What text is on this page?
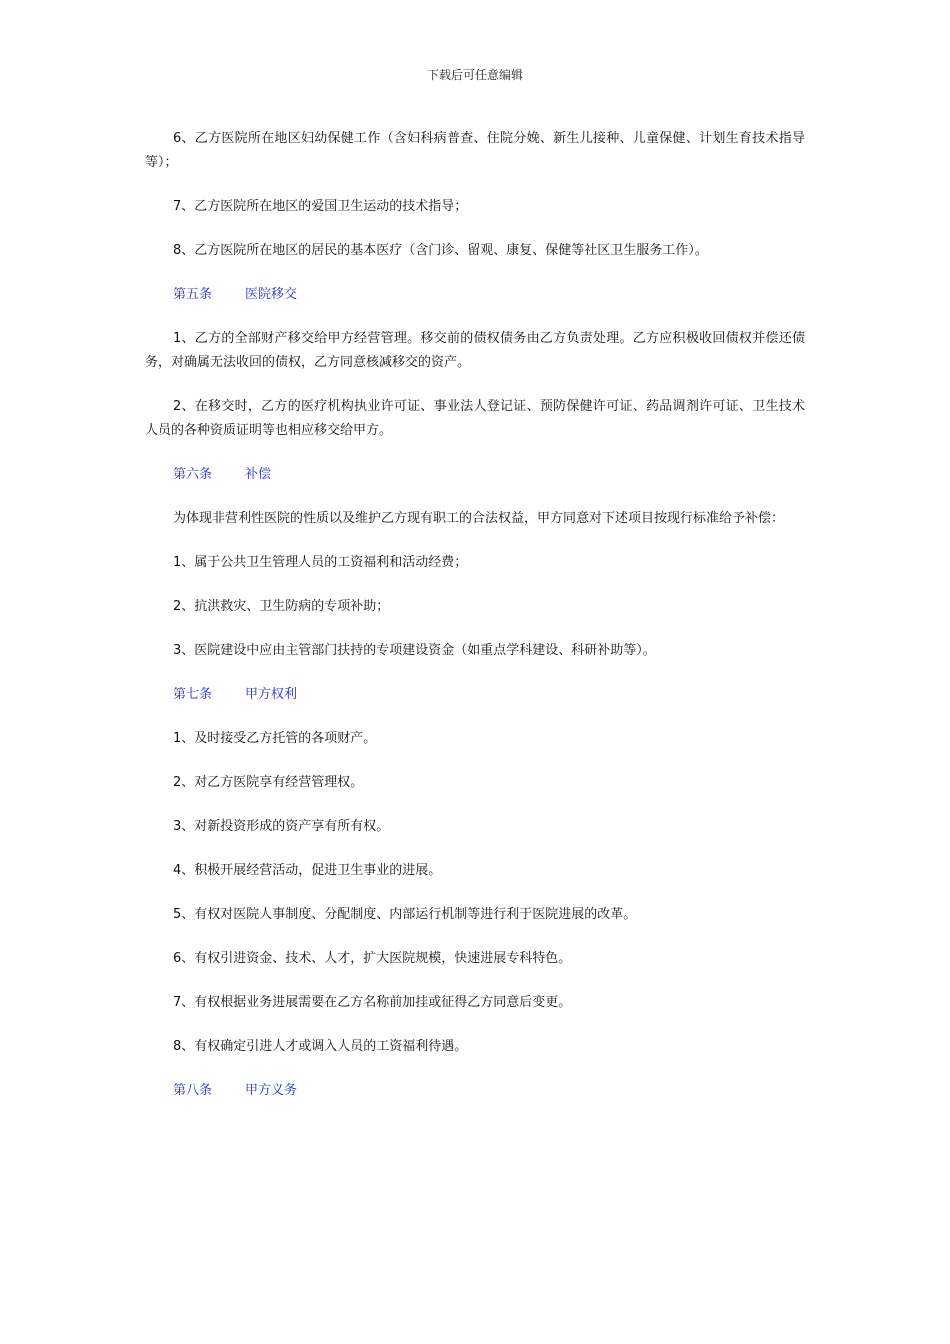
下载后可任意编辑

6、乙方医院所在地区妇幼保健工作（含妇科病普查、住院分娩、新生儿接种、儿童保健、计划生育技术指导等）；

7、乙方医院所在地区的爱国卫生运动的技术指导；

8、乙方医院所在地区的居民的基本医疗（含门诊、留观、康复、保健等社区卫生服务工作）。

第五条	医院移交

1、乙方的全部财产移交给甲方经营管理。移交前的债权债务由乙方负责处理。乙方应积极收回债权并偿还债务，对确属无法收回的债权，乙方同意核减移交的资产。

2、在移交时，乙方的医疗机构执业许可证、事业法人登记证、预防保健许可证、药品调剂许可证、卫生技术人员的各种资质证明等也相应移交给甲方。

第六条	补偿

为体现非营利性医院的性质以及维护乙方现有职工的合法权益，甲方同意对下述项目按现行标准给予补偿：

1、属于公共卫生管理人员的工资福利和活动经费；

2、抗洪救灾、卫生防病的专项补助；

3、医院建设中应由主管部门扶持的专项建设资金（如重点学科建设、科研补助等）。

第七条	甲方权利

1、及时接受乙方托管的各项财产。

2、对乙方医院享有经营管理权。

3、对新投资形成的资产享有所有权。

4、积极开展经营活动，促进卫生事业的进展。

5、有权对医院人事制度、分配制度、内部运行机制等进行利于医院进展的改革。

6、有权引进资金、技术、人才，扩大医院规模，快速进展专科特色。

7、有权根据业务进展需要在乙方名称前加挂或征得乙方同意后变更。

8、有权确定引进人才或调入人员的工资福利待遇。

第八条	甲方义务
